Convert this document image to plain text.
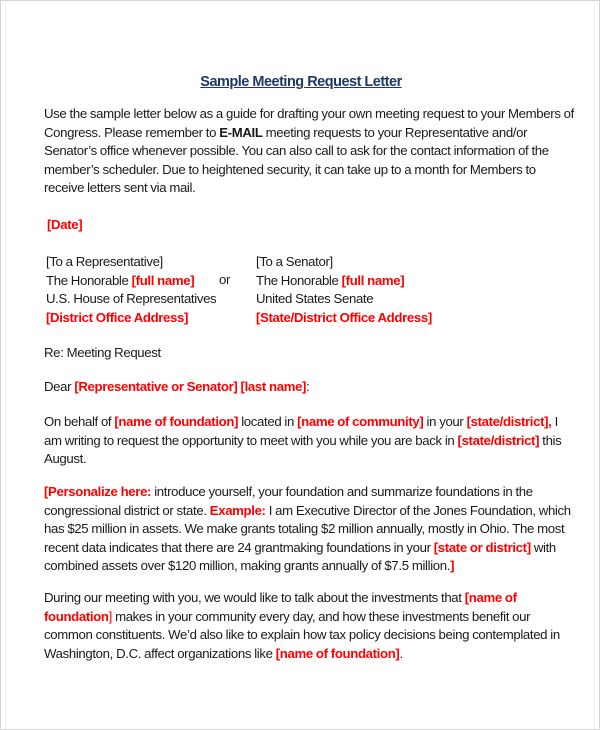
Sample Meeting Request Letter

Use the sample letter below as a guide for drafting your own meeting request to your Members of Congress. Please remember to E-MAIL meeting requests to your Representative and/or Senator’s office whenever possible. You can also call to ask for the contact information of the member’s scheduler. Due to heightened security, it can take up to a month for Members to receive letters sent via mail.

[Date]
[To a Representative]
The Honorable [full name]
U.S. House of Representatives
[District Office Address]
or
[To a Senator]
The Honorable [full name]
United States Senate
[State/District Office Address]
Re: Meeting Request
Dear [Representative or Senator] [last name]:

On behalf of [name of foundation] located in [name of community] in your [state/district], I am writing to request the opportunity to meet with you while you are back in [state/district] this August.

[Personalize here: introduce yourself, your foundation and summarize foundations in the congressional district or state. Example: I am Executive Director of the Jones Foundation, which has $25 million in assets. We make grants totaling $2 million annually, mostly in Ohio. The most recent data indicates that there are 24 grantmaking foundations in your [state or district] with combined assets over $120 million, making grants annually of $7.5 million.]

During our meeting with you, we would like to talk about the investments that [name of foundation] makes in your community every day, and how these investments benefit our common constituents. We’d also like to explain how tax policy decisions being contemplated in Washington, D.C. affect organizations like [name of foundation].
